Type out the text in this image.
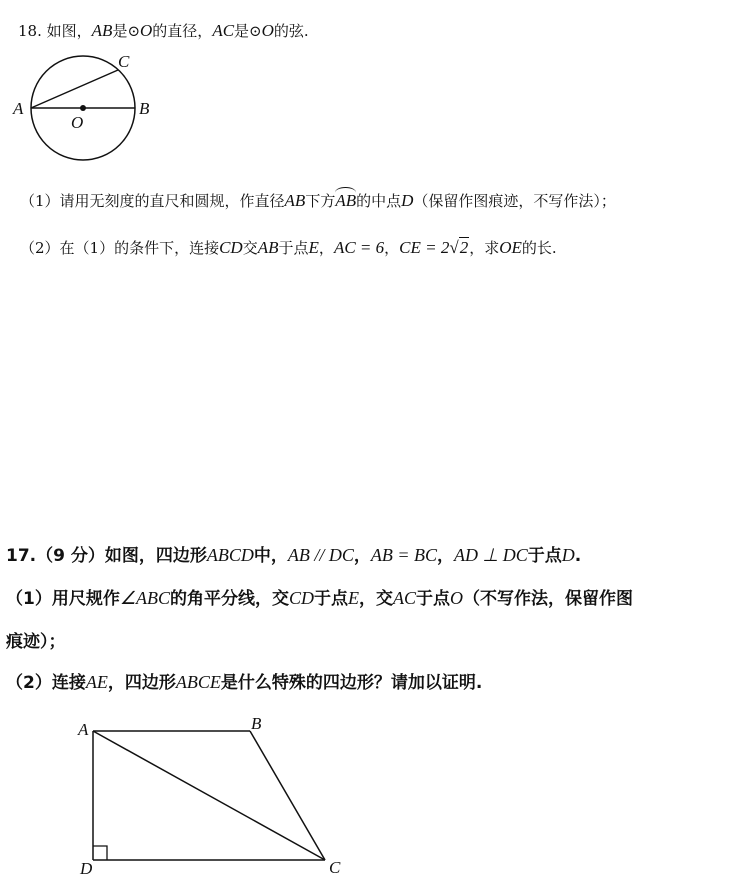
18. 如图，AB是⊙O的直径，AC是⊙O的弦.
A	B
C
O
（1）请用无刻度的直尺和圆规，作直径AB下方AB的中点D（保留作图痕迹，不写作法）；
（2）在（1）的条件下，连接CD交AB于点E，AC = 6，CE = 2√2，求OE的长.
17.（9 分）如图，四边形ABCD中，AB // DC，AB = BC，AD ⊥ DC于点D.
（1）用尺规作∠ABC的角平分线，交CD于点E，交AC于点O（不写作法，保留作图
痕迹）；
（2）连接AE，四边形ABCE是什么特殊的四边形？请加以证明.
A	B
C
D
